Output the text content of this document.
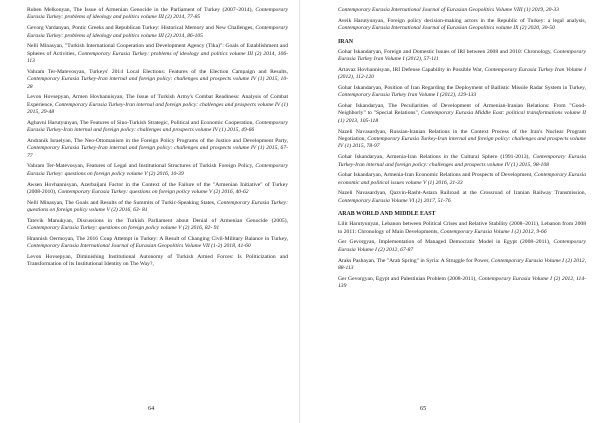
Ruben Melkonyan, The Issue of Armenian Genocide in the Parliament of Turkey (2007–2014), Contemporary Eurasia Turkey: problems of ideology and politics volume III (2) 2014, 77-85
Gevorg Vardanyan, Pontic Greeks and Republican Turkey: Historical Memory and New Challenges, Contemporary Eurasia Turkey: problems of ideology and politics volume III (2) 2014, 86-105
Nelli Minasyan, "Turkish International Cooperation and Development Agency (Tika)": Goals of Establishment and Spheres of Activities, Contemporary Eurasia Turkey: problems of ideology and politics volume III (2) 2014, 106-113
Vahram Ter-Matevosyan, Turkeys' 2014 Local Elections: Features of the Election Campaign and Results, Contemporary Eurasia Turkey-Iran internal and foreign policy: challenges and prospects volume IV (1) 2015, 10-28
Levon Hovsepyan, Armen Hovhannisyan, The Issue of Turkish Army's Combat Readiness: Analysis of Combat Experience, Contemporary Eurasia Turkey-Iran internal and foreign policy: challenges and prospects volume IV (1) 2015, 29-48
Aghavni Harutyunyan, The Features of Sino-Turkish Strategic, Political and Economic Cooperation, Contemporary Eurasia Turkey-Iran internal and foreign policy: challenges and prospects volume IV (1) 2015, 49-66
Andranik Israelyan, The Neo-Ottomanism in the Foreign Policy Programs of the Justice and Development Party, Contemporary Eurasia Turkey-Iran internal and foreign policy: challenges and prospects volume IV (1) 2015, 67-77
Vahram Ter-Matevosyan, Features of Legal and Institutional Structures of Turkish Foreign Policy, Contemporary Eurasia Turkey: questions on foreign policy volume V (2) 2016, 10-39
Awsen Hovhannisyan, Azerbaijani Factor in the Context of the Failure of the "Armenian Initiative" of Turkey (2008-2010), Contemporary Eurasia Turkey: questions on foreign policy volume V (2) 2016, 40-62
Nelli Minasyan, The Goals and Results of the Summits of Turkic-Speaking States, Contemporary Eurasia Turkey: questions on foreign policy volume V (2) 2016, 63- 81
Tatevik Manukyan, Discussions in the Turkish Parliament about Denial of Armenian Genocide (2005), Contemporary Eurasia Turkey: questions on foreign policy volume V (2) 2016, 82- 91
Hrannish Oermoyan, The 2016 Coup Attempt in Turkey: A Result of Changing Civil-Military Balance in Turkey, Contemporary Eurasia International Journal of Eurasian Geopolitics Volume VII (1-2) 2018, 41-60
Levon Hovsepyan, Diminishing Institutional Autonomy of Turkish Armed Forces: Is Politicization and Transformation of its Institutional Identity on The Way?,
64
Contemporary Eurasia International Journal of Eurasian Geopolitics Volume VIII (1) 2019, 20-33
Aveik Harutyunyan, Foreign policy decision-making actors in the Republic of Turkey: a legal analysis, Contemporary Eurasia International Journal of Eurasian Geopolitics volume IX (2) 2020, 30-50
IRAN
Gohar Iskandaryan, Foreign and Domestic Issues of IRI between 2008 and 2010: Chronology, Contemporary Eurasia Turkey Iran Volume I (2012), 57-111
Artavaz Hovhannisyan, IRI Defense Capability in Possible War, Contemporary Eurasia Turkey Iran Volume I (2012), 112-120
Gohar Iskandaryan, Position of Iran Regarding the Deployment of Ballistic Missile Radar System in Turkey, Contemporary Eurasia Turkey Iran Volume I (2012), 129-133
Gohar Iskandaryan, The Peculiarities of Development of Armenian-Iranian Relations: From "Good-Neighborly" to "Special Relations", Contemporary Eurasia Middle East: political transformations volume II (1) 2013, 105-118
Nazeli Navasardyan, Russian-Iranian Relations in the Context Process of the Iran's Nuclear Program Negotiation, Contemporary Eurasia Turkey-Iran internal and foreign policy: challenges and prospects volume IV (1) 2015, 78-97
Gohar Iskandaryan, Armenia-Iran Relations in the Cultural Sphere (1991-2013), Contemporary Eurasia Turkey-Iran internal and foreign policy: challenges and prospects volume IV (1) 2015, 98-108
Gohar Iskandaryan, Armenia-Iran Economic Relations and Prospects of Development, Contemporary Eurasia economic and political issues volume V (1) 2016, 21-33
Nazeli Navasardyan, Qazvin-Rasht-Astara Railroad at the Crossroad of Iranian Railway Transmission, Contemporary Eurasia Volume VI (2) 2017, 51-76
ARAB WORLD AND MIDDLE EAST
Lilit Harutyunyan, Lebanon between Political Crises and Relative Stability (2008–2011), Lebanon from 2008 to 2011: Chronology of Main Developments, Contemporary Eurasia Volume I (2) 2012, 9-66
Ger Gevorgyan, Implementation of Managed Democratic Model in Egypt (2008–2011), Contemporary Eurasia Volume I (2) 2012, 67-87
Araks Pashayan, The "Arab Spring" in Syria: A Struggle for Power, Contemporary Eurasia Volume I (2) 2012, 88-113
Ger Gevorgyan, Egypt and Palestinian Problem (2008-2011), Contemporary Eurasia Volume I (2) 2012, 114-139
65
